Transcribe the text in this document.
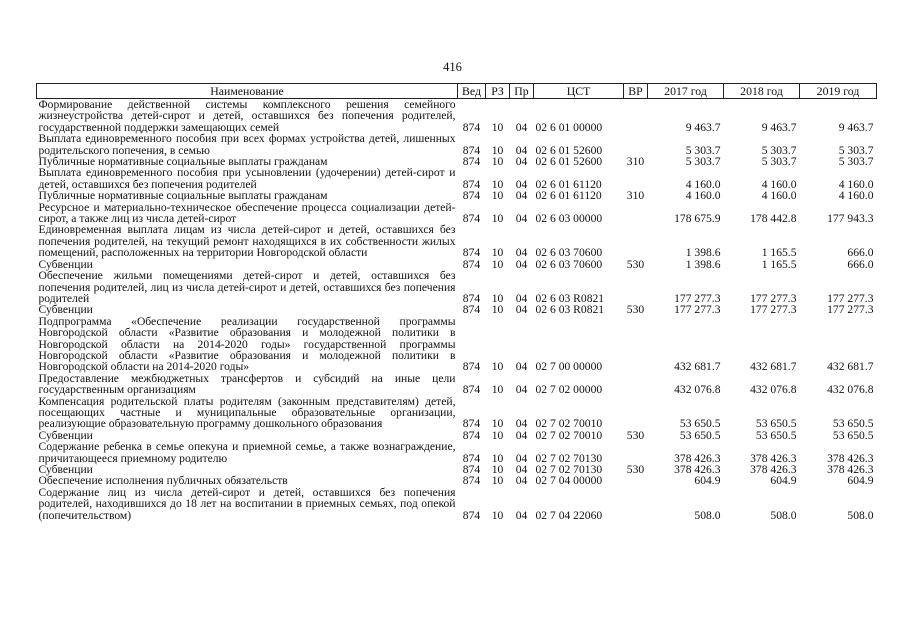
416
Наименование	Вед	РЗ	Пр	ЦСТ	ВР	2017 год	2018 год	2019 год
Формирование действенной системы комплексного решения семейного жизнеустройства детей-сирот и детей, оставшихся без попечения родителей, государственной поддержки замещающих семей	874	10	04	02 6 01 00000		9 463.7	9 463.7	9 463.7
Выплата единовременного пособия при всех формах устройства детей, лишенных родительского попечения, в семью	874	10	04	02 6 01 52600		5 303.7	5 303.7	5 303.7
Публичные нормативные социальные выплаты гражданам	874	10	04	02 6 01 52600	310	5 303.7	5 303.7	5 303.7
Выплата единовременного пособия при усыновлении (удочерении) детей-сирот и детей, оставшихся без попечения родителей	874	10	04	02 6 01 61120		4 160.0	4 160.0	4 160.0
Публичные нормативные социальные выплаты гражданам	874	10	04	02 6 01 61120	310	4 160.0	4 160.0	4 160.0
Ресурсное и материально-техническое обеспечение процесса социализации детей-сирот, а также лиц из числа детей-сирот	874	10	04	02 6 03 00000		178 675.9	178 442.8	177 943.3
Единовременная выплата лицам из числа детей-сирот и детей, оставшихся без попечения родителей, на текущий ремонт находящихся в их собственности жилых помещений, расположенных на территории Новгородской области	874	10	04	02 6 03 70600		1 398.6	1 165.5	666.0
Субвенции	874	10	04	02 6 03 70600	530	1 398.6	1 165.5	666.0
Обеспечение жильми помещениями детей-сирот и детей, оставшихся без попечения родителей, лиц из числа детей-сирот и детей, оставшихся без попечения родителей	874	10	04	02 6 03 R0821		177 277.3	177 277.3	177 277.3
Субвенции	874	10	04	02 6 03 R0821	530	177 277.3	177 277.3	177 277.3
Подпрограмма «Обеспечение реализации государственной программы Новгородской области «Развитие образования и молодежной политики в Новгородской области на 2014-2020 годы» государственной программы Новгородской области «Развитие образования и молодежной политики в Новгородской области на 2014-2020 годы»	874	10	04	02 7 00 00000		432 681.7	432 681.7	432 681.7
Предоставление межбюджетных трансфертов и субсидий на иные цели государственным организациям	874	10	04	02 7 02 00000		432 076.8	432 076.8	432 076.8
Компенсация родительской платы родителям (законным представителям) детей, посещающих частные и муниципальные образовательные организации, реализующие образовательную программу дошкольного образования	874	10	04	02 7 02 70010		53 650.5	53 650.5	53 650.5
Субвенции	874	10	04	02 7 02 70010	530	53 650.5	53 650.5	53 650.5
Содержание ребенка в семье опекуна и приемной семье, а также вознаграждение, причитающееся приемному родителю	874	10	04	02 7 02 70130		378 426.3	378 426.3	378 426.3
Субвенции	874	10	04	02 7 02 70130	530	378 426.3	378 426.3	378 426.3
Обеспечение исполнения публичных обязательств	874	10	04	02 7 04 00000		604.9	604.9	604.9
Содержание лиц из числа детей-сирот и детей, оставшихся без попечения родителей, находившихся до 18 лет на воспитании в приемных семьях, под опекой (попечительством)	874	10	04	02 7 04 22060		508.0	508.0	508.0
